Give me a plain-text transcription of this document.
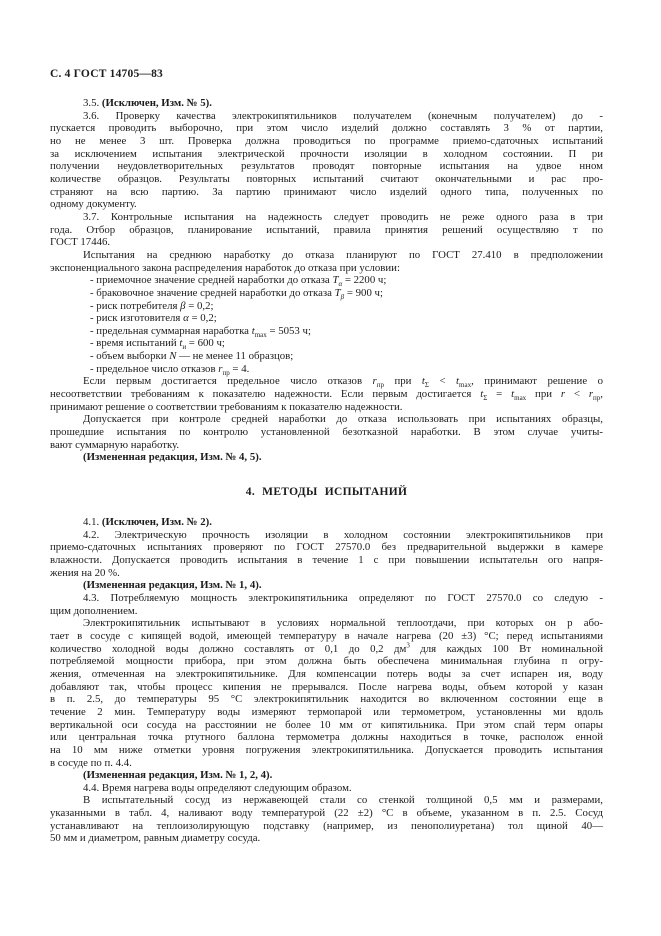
С. 4 ГОСТ 14705—83
3.5. (Исключен, Изм. № 5).
3.6. Проверку качества электрокипятильников получателем (конечным получателем) до -
пускается проводить выборочно, при этом число изделий должно составлять 3 % от партии,
но не менее 3 шт. Проверка должна проводиться по программе приемо-сдаточных испытаний
за исключением испытания электрической прочности изоляции в холодном состоянии. П ри
получении неудовлетворительных результатов проводят повторные испытания на удвое нном
количестве образцов. Результаты повторных испытаний считают окончательными и рас про-
страняют на всю партию. За партию принимают число изделий одного типа, полученных по
одному документу.
3.7. Контрольные испытания на надежность следует проводить не реже одного раза в три
года. Отбор образцов, планирование испытаний, правила принятия решений осуществляю т по
ГОСТ 17446.
Испытания на среднюю наработку до отказа планируют по ГОСТ 27.410 в предположении
экспоненциального закона распределения наработок до отказа при условии:
- приемочное значение средней наработки до отказа $T_\alpha = 2200$ ч;
- браковочное значение средней наработки до отказа $T_\beta = 900$ ч;
- риск потребителя β = 0,2;
- риск изготовителя α = 0,2;
- предельная суммарная наработка $t_{max} = 5053$ ч;
- время испытаний $t_и = 600$ ч;
- объем выборки N — не менее 11 образцов;
- предельное число отказов $r_{пр} = 4$.
Если первым достигается предельное число отказов $r_{пр}$ при $t_\Sigma < t_{max}$, принимают решение о
несоответствии требованиям к показателю надежности. Если первым достигается $t_\Sigma = t_{max}$ при $r < r_{пр}$,
принимают решение о соответствии требованиям к показателю надежности.
Допускается при контроле средней наработки до отказа использовать при испытаниях образцы,
прошедшие испытания по контролю установленной безотказной наработки. В этом случае учиты-
вают суммарную наработку.
(Измененная редакция, Изм. № 4, 5).
4. МЕТОДЫ ИСПЫТАНИЙ
4.1. (Исключен, Изм. № 2).
4.2. Электрическую прочность изоляции в холодном состоянии электрокипятильников при
приемо-сдаточных испытаниях проверяют по ГОСТ 27570.0 без предварительной выдержки в камере
влажности. Допускается проводить испытания в течение 1 с при повышении испытательн ого напря-
жения на 20 %.
(Измененная редакция, Изм. № 1, 4).
4.3. Потребляемую мощность электрокипятильника определяют по ГОСТ 27570.0 со следую -
щим дополнением.
Электрокипятильник испытывают в условиях нормальной теплоотдачи, при которых он р або-
тает в сосуде с кипящей водой, имеющей температуру в начале нагрева (20 ±3) °С; перед испытаниями
количество холодной воды должно составлять от 0,1 до 0,2 $дм^3$ для каждых 100 Вт номинальной
потребляемой мощности прибора, при этом должна быть обеспечена минимальная глубина п огру-
жения, отмеченная на электрокипятильнике. Для компенсации потерь воды за счет испарен ия, воду
добавляют так, чтобы процесс кипения не прерывался. После нагрева воды, объем которой у казан
в п. 2.5, до температуры 95 °С электрокипятильник находится во включенном состоянии еще в
течение 2 мин. Температуру воды измеряют термопарой или термометром, установленны ми вдоль
вертикальной оси сосуда на расстоянии не более 10 мм от кипятильника. При этом спай терм опары
или центральная точка ртутного баллона термометра должны находиться в точке, располож енной
на 10 мм ниже отметки уровня погружения электрокипятильника. Допускается проводить испытания
в сосуде по п. 4.4.
(Измененная редакция, Изм. № 1, 2, 4).
4.4. Время нагрева воды определяют следующим образом.
В испытательный сосуд из нержавеющей стали со стенкой толщиной 0,5 мм и размерами,
указанными в табл. 4, наливают воду температурой (22 ±2) °С в объеме, указанном в п. 2.5. Сосуд
устанавливают на теплоизолирующую подставку (например, из пенополиуретана) тол щиной 40—
50 мм и диаметром, равным диаметру сосуда.
